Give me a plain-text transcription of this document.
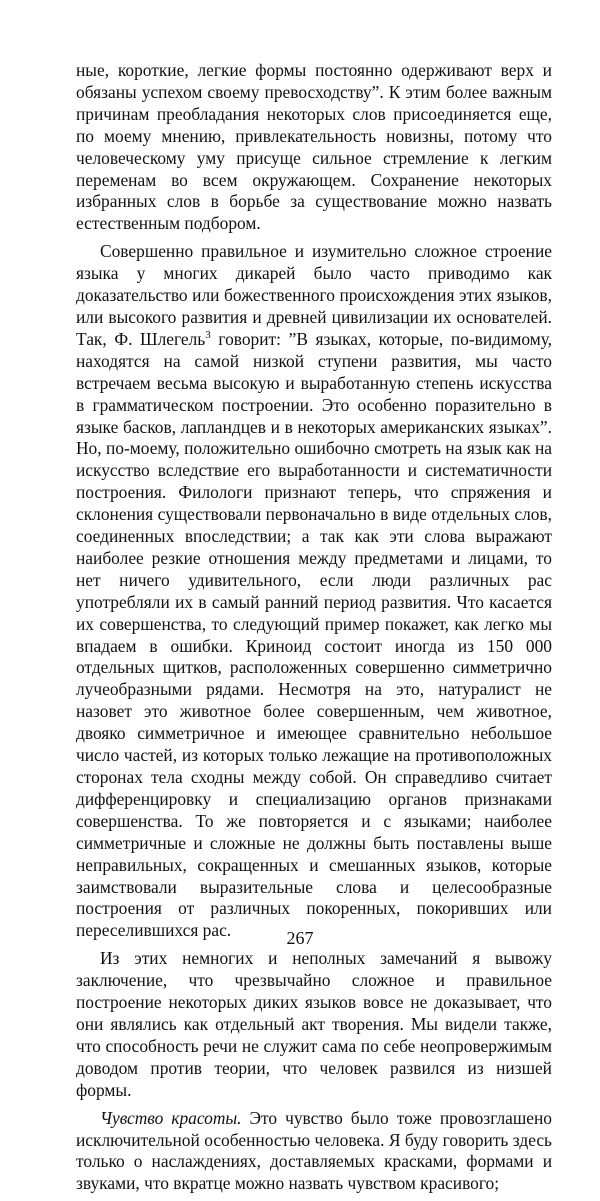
ные, короткие, легкие формы постоянно одерживают верх и обязаны успехом своему превосходству”. К этим более важным причинам преобладания некоторых слов присоединяется еще, по моему мнению, привлекательность новизны, потому что человеческому уму присуще сильное стремление к легким переменам во всем окружающем. Сохранение некоторых избранных слов в борьбе за существование можно назвать естественным подбором.

Совершенно правильное и изумительно сложное строение языка у многих дикарей было часто приводимо как доказательство или божественного происхождения этих языков, или высокого развития и древней цивилизации их основателей. Так, Ф. Шлегель$^3$ говорит: ”В языках, которые, по-видимому, находятся на самой низкой ступени развития, мы часто встречаем весьма высокую и выработанную степень искусства в грамматическом построении. Это особенно поразительно в языке басков, лапландцев и в некоторых американских языках”. Но, по-моему, положительно ошибочно смотреть на язык как на искусство вследствие его выработанности и систематичности построения. Филологи признают теперь, что спряжения и склонения существовали первоначально в виде отдельных слов, соединенных впоследствии; а так как эти слова выражают наиболее резкие отношения между предметами и лицами, то нет ничего удивительного, если люди различных рас употребляли их в самый ранний период развития. Что касается их совершенства, то следующий пример покажет, как легко мы впадаем в ошибки. Криноид состоит иногда из 150 000 отдельных щитков, расположенных совершенно симметрично лучеобразными рядами. Несмотря на это, натуралист не назовет это животное более совершенным, чем животное, двояко симметричное и имеющее сравнительно небольшое число частей, из которых только лежащие на противоположных сторонах тела сходны между собой. Он справедливо считает дифференцировку и специализацию органов признаками совершенства. То же повторяется и с языками; наиболее симметричные и сложные не должны быть поставлены выше неправильных, сокращенных и смешанных языков, которые заимствовали выразительные слова и целесообразные построения от различных покоренных, покоривших или переселившихся рас.

Из этих немногих и неполных замечаний я вывожу заключение, что чрезвычайно сложное и правильное построение некоторых диких языков вовсе не доказывает, что они являлись как отдельный акт творения. Мы видели также, что способность речи не служит сама по себе неопровержимым доводом против теории, что человек развился из низшей формы.

Чувство красоты. Это чувство было тоже провозглашено исключительной особенностью человека. Я буду говорить здесь только о наслаждениях, доставляемых красками, формами и звуками, что вкратце можно назвать чувством красивого;

267
